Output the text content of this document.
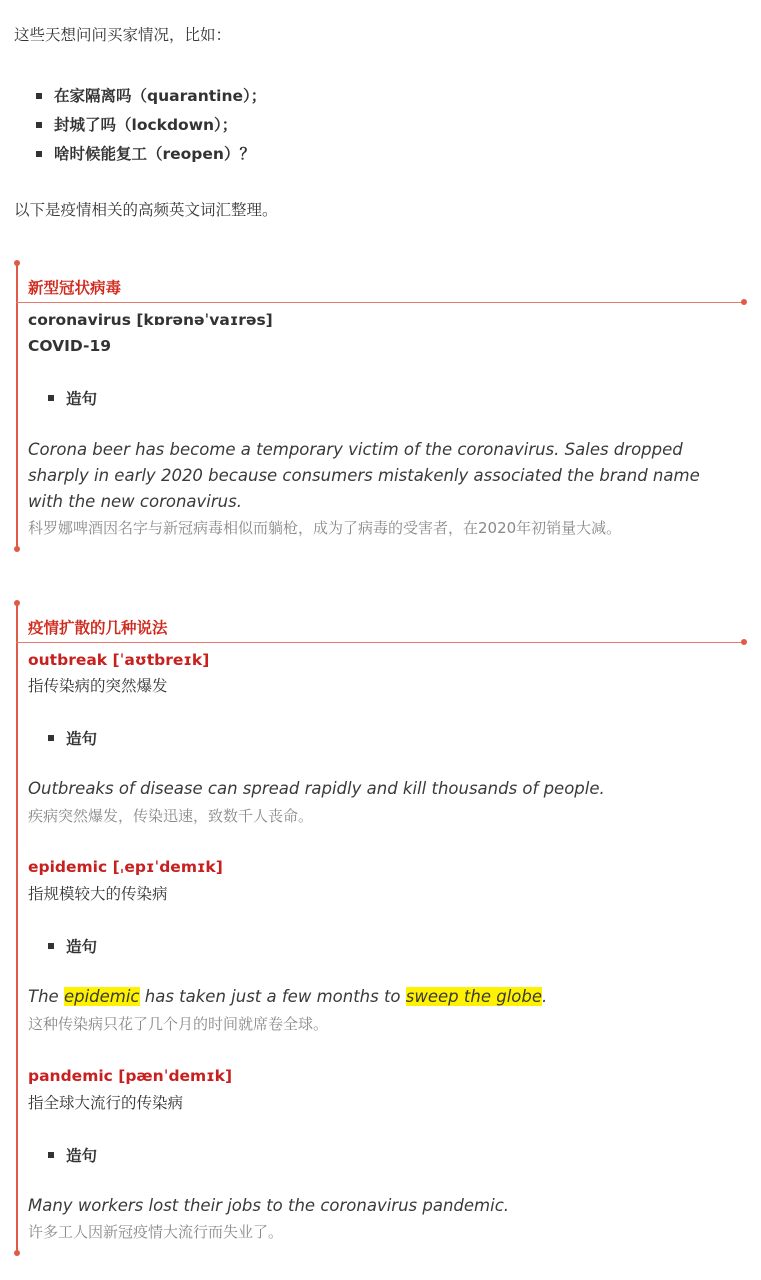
这些天想问问买家情况，比如：
在家隔离吗（quarantine）；
封城了吗（lockdown）；
啥时候能复工（reopen）？
以下是疫情相关的高频英文词汇整理。
新型冠状病毒
coronavirus [kɒrənəˈvaɪrəs]
COVID-19
造句
Corona beer has become a temporary victim of the coronavirus. Sales dropped sharply in early 2020 because consumers mistakenly associated the brand name with the new coronavirus.
科罗娜啤酒因名字与新冠病毒相似而躺枪，成为了病毒的受害者，在2020年初销量大减。
疫情扩散的几种说法
outbreak [ˈaʊtbreɪk]
指传染病的突然爆发
造句
Outbreaks of disease can spread rapidly and kill thousands of people.
疾病突然爆发，传染迅速，致数千人丧命。
epidemic [ˌepɪˈdemɪk]
指规模较大的传染病
造句
The epidemic has taken just a few months to sweep the globe.
这种传染病只花了几个月的时间就席卷全球。
pandemic [pænˈdemɪk]
指全球大流行的传染病
造句
Many workers lost their jobs to the coronavirus pandemic.
许多工人因新冠疫情大流行而失业了。
